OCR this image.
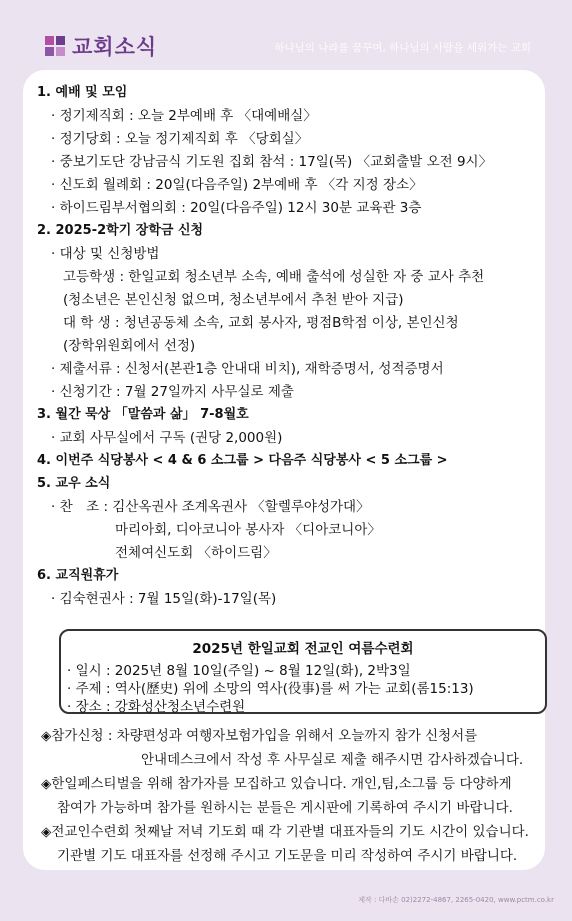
교회소식	하나님의 나라를 꿈꾸며, 하나님의 사람을 세워가는 교회
1. 예배 및 모임
· 정기제직회 : 오늘 2부예배 후 〈대예배실〉
· 정기당회 : 오늘 정기제직회 후 〈당회실〉
· 중보기도단 강남금식 기도원 집회 참석 : 17일(목) 〈교회출발 오전 9시〉
· 신도회 월례회 : 20일(다음주일) 2부예배 후 〈각 지정 장소〉
· 하이드림부서협의회 : 20일(다음주일) 12시 30분 교육관 3층
2. 2025-2학기 장학금 신청
· 대상 및 신청방법
고등학생 : 한일교회 청소년부 소속, 예배 출석에 성실한 자 중 교사 추천
(청소년은 본인신청 없으며, 청소년부에서 추천 받아 지급)
대 학 생 : 청년공동체 소속, 교회 봉사자, 평점B학점 이상, 본인신청
(장학위원회에서 선정)
· 제출서류 : 신청서(본관1층 안내대 비치), 재학증명서, 성적증명서
· 신청기간 : 7월 27일까지 사무실로 제출
3. 월간 묵상 「말씀과 삶」 7-8월호
· 교회 사무실에서 구독 (권당 2,000원)
4. 이번주 식당봉사 < 4 & 6 소그룹 > 다음주 식당봉사 < 5 소그룹 >
5. 교우 소식
· 찬　조 : 김산옥권사 조계옥권사 〈할렐루야성가대〉
마리아회, 디아코니아 봉사자 〈디아코니아〉
전체여신도회 〈하이드림〉
6. 교직원휴가
· 김숙현권사 : 7월 15일(화)-17일(목)
2025년 한일교회 전교인 여름수련회
· 일시 : 2025년 8월 10일(주일) ~ 8월 12일(화), 2박3일
· 주제 : 역사(歷史) 위에 소망의 역사(役事)를 써 가는 교회(롬15:13)
· 장소 : 강화성산청소년수련원
◈참가신청 : 차량편성과 여행자보험가입을 위해서 오늘까지 참가 신청서를
안내데스크에서 작성 후 사무실로 제출 해주시면 감사하겠습니다.
◈한일페스티벌을 위해 참가자를 모집하고 있습니다. 개인,팀,소그룹 등 다양하게
참여가 가능하며 참가를 원하시는 분들은 게시판에 기록하여 주시기 바랍니다.
◈전교인수련회 첫째날 저녁 기도회 때 각 기관별 대표자들의 기도 시간이 있습니다.
기관별 기도 대표자를 선정해 주시고 기도문을 미리 작성하여 주시기 바랍니다.
제작 : 다바손 02)2272-4867, 2265-0420, www.pctm.co.kr
